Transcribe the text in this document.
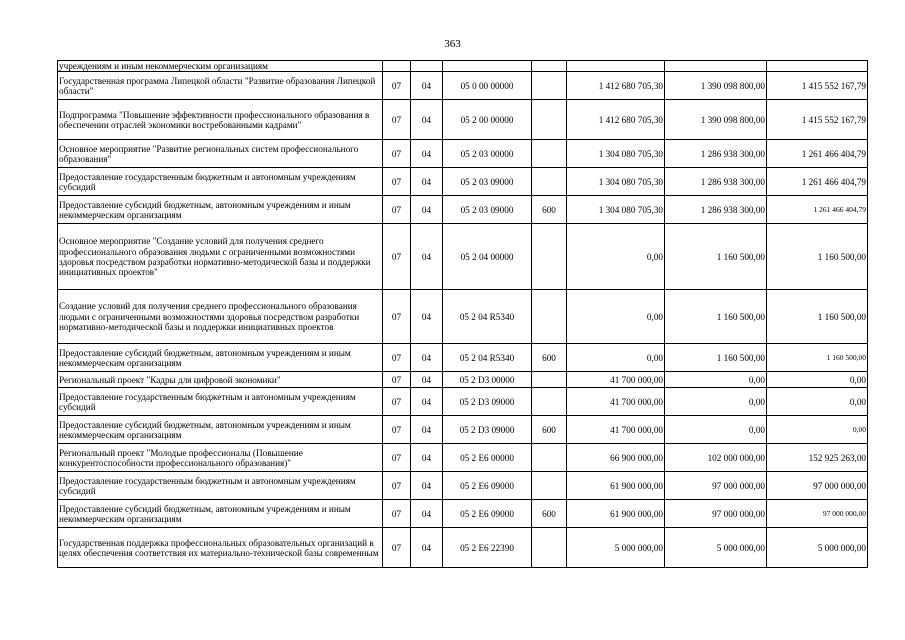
363
учреждениям и иным некоммерческим организациям							
Государственная программа Липецкой области "Развитие образования Липецкой области"	07	04	05 0 00 00000		1 412 680 705,30	1 390 098 800,00	1 415 552 167,79
Подпрограмма "Повышение эффективности профессионального образования в обеспечении отраслей экономики востребованными кадрами"	07	04	05 2 00 00000		1 412 680 705,30	1 390 098 800,00	1 415 552 167,79
Основное мероприятие "Развитие региональных систем профессионального образования"	07	04	05 2 03 00000		1 304 080 705,30	1 286 938 300,00	1 261 466 404,79
Предоставление государственным бюджетным и автономным учреждениям субсидий	07	04	05 2 03 09000		1 304 080 705,30	1 286 938 300,00	1 261 466 404,79
Предоставление субсидий бюджетным, автономным учреждениям и иным некоммерческим организациям	07	04	05 2 03 09000	600	1 304 080 705,30	1 286 938 300,00	1 261 466 404,79
Основное мероприятие "Создание условий для получения среднего профессионального образования людьми с ограниченными возможностями здоровья посредством разработки нормативно-методической базы и поддержки инициативных проектов"	07	04	05 2 04 00000		0,00	1 160 500,00	1 160 500,00
Создание условий для получения среднего профессионального образования людьми с ограниченными возможностями здоровья посредством разработки нормативно-методической базы и поддержки инициативных проектов	07	04	05 2 04 R5340		0,00	1 160 500,00	1 160 500,00
Предоставление субсидий бюджетным, автономным учреждениям и иным некоммерческим организациям	07	04	05 2 04 R5340	600	0,00	1 160 500,00	1 160 500,00
Региональный проект "Кадры для цифровой экономики"	07	04	05 2 D3 00000		41 700 000,00	0,00	0,00
Предоставление государственным бюджетным и автономным учреждениям субсидий	07	04	05 2 D3 09000		41 700 000,00	0,00	0,00
Предоставление субсидий бюджетным, автономным учреждениям и иным некоммерческим организациям	07	04	05 2 D3 09000	600	41 700 000,00	0,00	0,00
Региональный проект "Молодые профессионалы (Повышение конкурентоспособности профессионального образования)"	07	04	05 2 E6 00000		66 900 000,00	102 000 000,00	152 925 263,00
Предоставление государственным бюджетным и автономным учреждениям субсидий	07	04	05 2 E6 09000		61 900 000,00	97 000 000,00	97 000 000,00
Предоставление субсидий бюджетным, автономным учреждениям и иным некоммерческим организациям	07	04	05 2 E6 09000	600	61 900 000,00	97 000 000,00	97 000 000,00
Государственная поддержка профессиональных образовательных организаций в целях обеспечения соответствия их материально-технической базы современным	07	04	05 2 E6 22390		5 000 000,00	5 000 000,00	5 000 000,00
